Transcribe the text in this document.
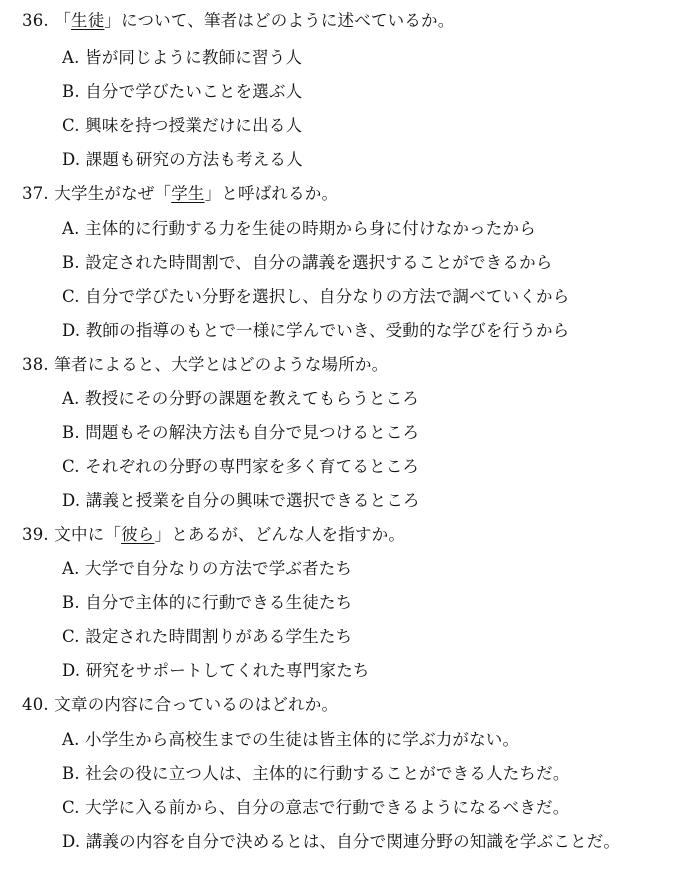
36. 「生徒」について、筆者はどのように述べているか。
A. 皆が同じように教師に習う人
B. 自分で学びたいことを選ぶ人
C. 興味を持つ授業だけに出る人
D. 課題も研究の方法も考える人
37. 大学生がなぜ「学生」と呼ばれるか。
A. 主体的に行動する力を生徒の時期から身に付けなかったから
B. 設定された時間割で、自分の講義を選択することができるから
C. 自分で学びたい分野を選択し、自分なりの方法で調べていくから
D. 教師の指導のもとで一様に学んでいき、受動的な学びを行うから
38. 筆者によると、大学とはどのような場所か。
A. 教授にその分野の課題を教えてもらうところ
B. 問題もその解決方法も自分で見つけるところ
C. それぞれの分野の専門家を多く育てるところ
D. 講義と授業を自分の興味で選択できるところ
39. 文中に「彼ら」とあるが、どんな人を指すか。
A. 大学で自分なりの方法で学ぶ者たち
B. 自分で主体的に行動できる生徒たち
C. 設定された時間割りがある学生たち
D. 研究をサポートしてくれた専門家たち
40. 文章の内容に合っているのはどれか。
A. 小学生から高校生までの生徒は皆主体的に学ぶ力がない。
B. 社会の役に立つ人は、主体的に行動することができる人たちだ。
C. 大学に入る前から、自分の意志で行動できるようになるべきだ。
D. 講義の内容を自分で決めるとは、自分で関連分野の知識を学ぶことだ。
